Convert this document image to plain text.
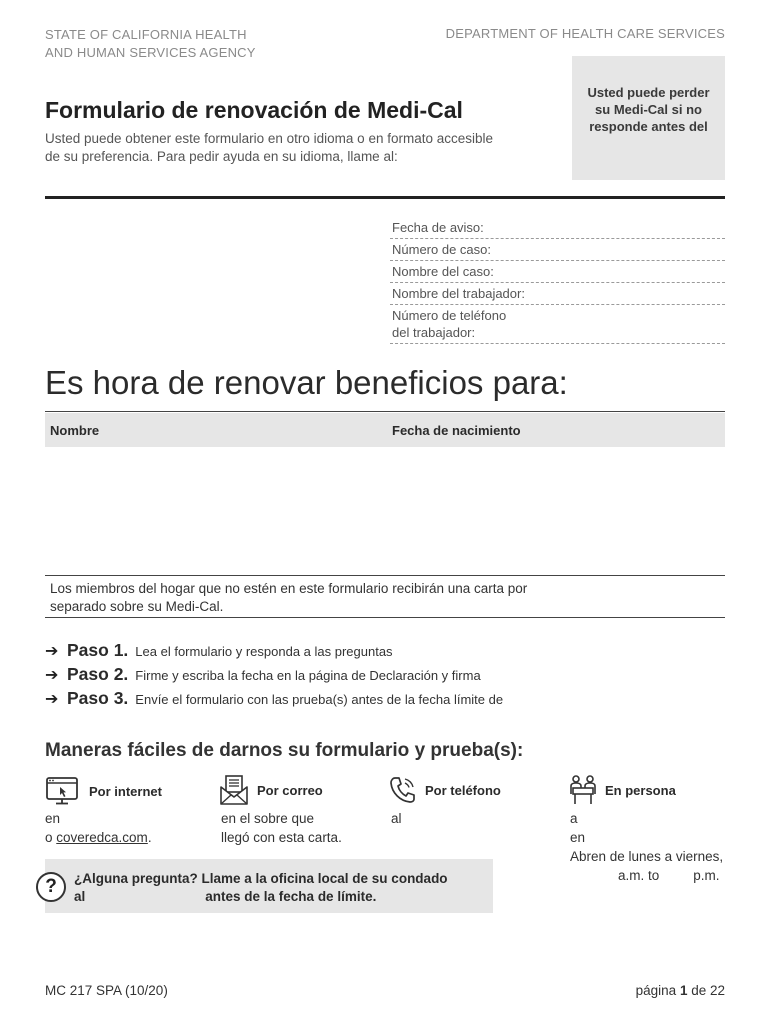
STATE OF CALIFORNIA HEALTH
AND HUMAN SERVICES AGENCY
DEPARTMENT OF HEALTH CARE SERVICES
Usted puede perder
su Medi-Cal si no
responde antes del
Formulario de renovación de Medi-Cal
Usted puede obtener este formulario en otro idioma o en formato accesible
de su preferencia. Para pedir ayuda en su idioma, llame al:
Fecha de aviso:
Número de caso:
Nombre del caso:
Nombre del trabajador:
Número de teléfono
del trabajador:
Es hora de renovar beneficios para:
Nombre	Fecha de nacimiento
Los miembros del hogar que no estén en este formulario recibirán una carta por
separado sobre su Medi-Cal.
➔ Paso 1. Lea el formulario y responda a las preguntas
➔ Paso 2. Firme y escriba la fecha en la página de Declaración y firma
➔ Paso 3. Envíe el formulario con las prueba(s) antes de la fecha límite de
Maneras fáciles de darnos su formulario y prueba(s):
Por internet
en
o coveredca.com.
Por correo
en el sobre que
llegó con esta carta.
Por teléfono
al
En persona
a
en
Abren de lunes a viernes,
a.m. to	p.m.
?	¿Alguna pregunta? Llame a la oficina local de su condado
al	antes de la fecha de límite.
MC 217 SPA (10/20)	página 1 de 22
